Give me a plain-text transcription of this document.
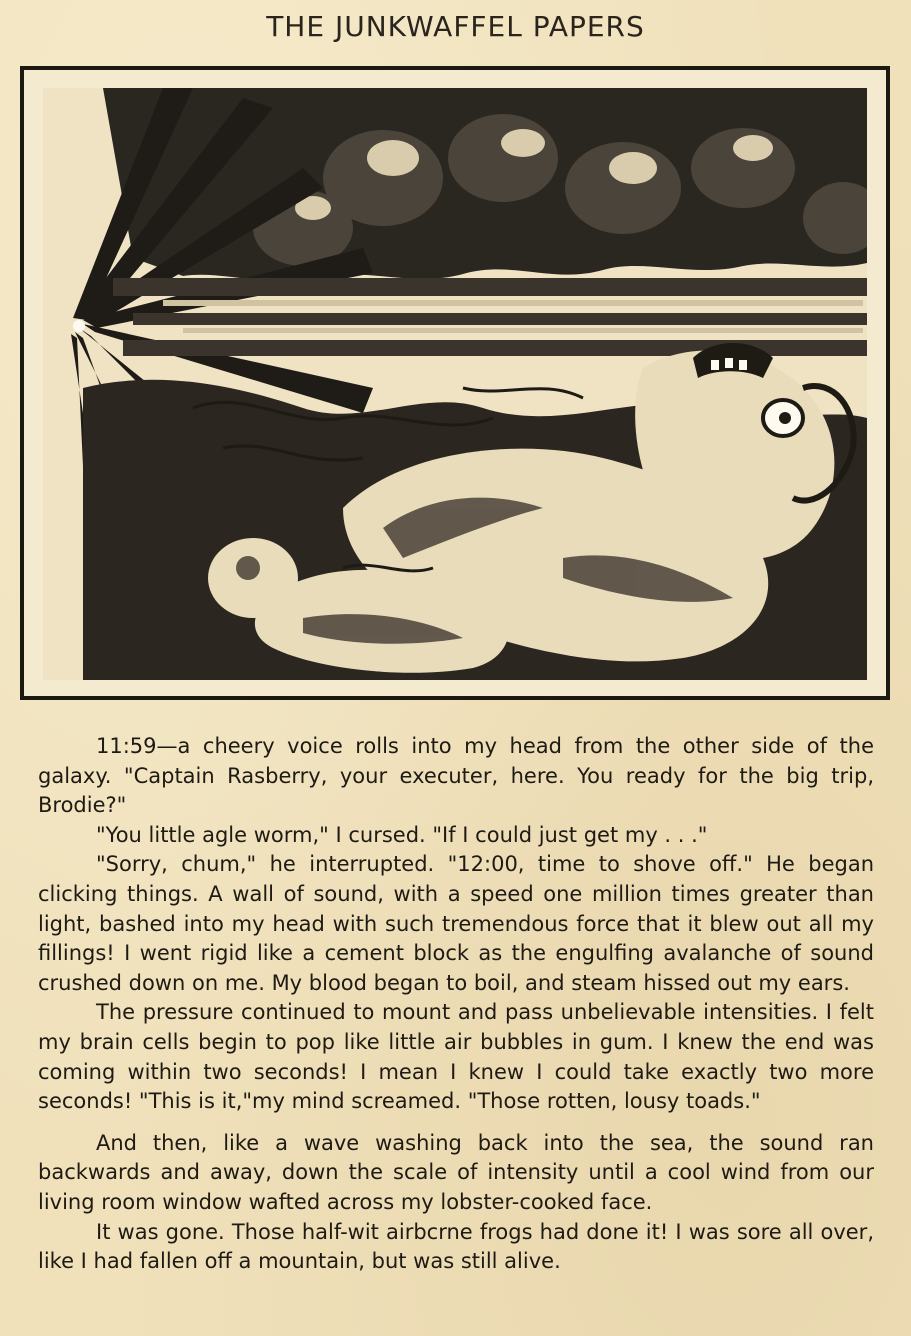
THE JUNKWAFFEL PAPERS

11:59—a cheery voice rolls into my head from the other side of the galaxy. "Captain Rasberry, your executer, here. You ready for the big trip, Brodie?"

"You little agle worm," I cursed. "If I could just get my . . ."

"Sorry, chum," he interrupted. "12:00, time to shove off." He began clicking things. A wall of sound, with a speed one million times greater than light, bashed into my head with such tremendous force that it blew out all my fillings! I went rigid like a cement block as the engulfing avalanche of sound crushed down on me. My blood began to boil, and steam hissed out my ears.

The pressure continued to mount and pass unbelievable intensities. I felt my brain cells begin to pop like little air bubbles in gum. I knew the end was coming within two seconds! I mean I knew I could take exactly two more seconds! "This is it,"my mind screamed. "Those rotten, lousy toads."

And then, like a wave washing back into the sea, the sound ran backwards and away, down the scale of intensity until a cool wind from our living room window wafted across my lobster-cooked face.

It was gone. Those half-wit airbcrne frogs had done it! I was sore all over, like I had fallen off a mountain, but was still alive.
